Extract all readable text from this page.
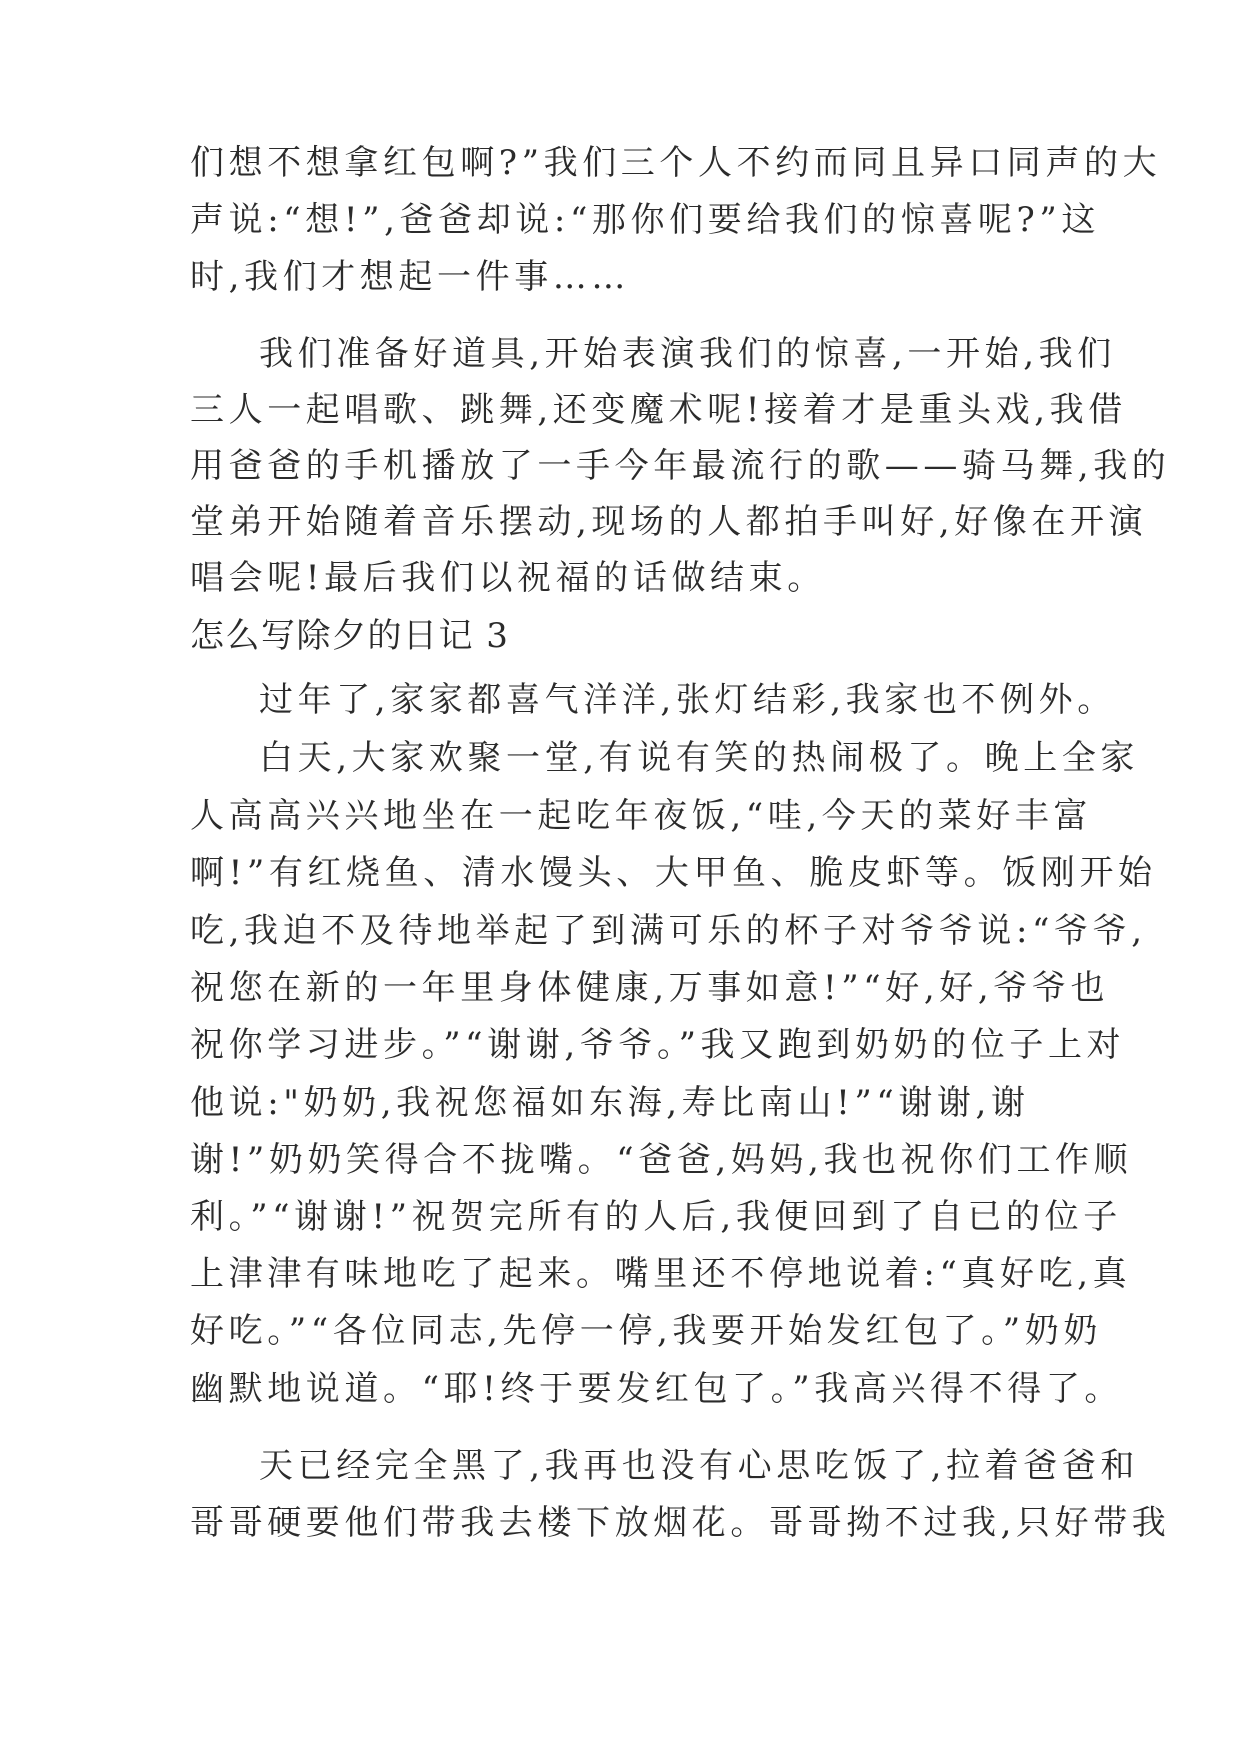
们想不想拿红包啊?”我们三个人不约而同且异口同声的大
声说:“想!”,爸爸却说:“那你们要给我们的惊喜呢?”这
时,我们才想起一件事……
我们准备好道具,开始表演我们的惊喜,一开始,我们
三人一起唱歌、跳舞,还变魔术呢!接着才是重头戏,我借
用爸爸的手机播放了一手今年最流行的歌——骑马舞,我的
堂弟开始随着音乐摆动,现场的人都拍手叫好,好像在开演
唱会呢!最后我们以祝福的话做结束。
怎么写除夕的日记 3
过年了,家家都喜气洋洋,张灯结彩,我家也不例外。
白天,大家欢聚一堂,有说有笑的热闹极了。晚上全家
人高高兴兴地坐在一起吃年夜饭,“哇,今天的菜好丰富
啊!”有红烧鱼、清水馒头、大甲鱼、脆皮虾等。饭刚开始
吃,我迫不及待地举起了到满可乐的杯子对爷爷说:“爷爷,
祝您在新的一年里身体健康,万事如意!”“好,好,爷爷也
祝你学习进步。”“谢谢,爷爷。”我又跑到奶奶的位子上对
他说:"奶奶,我祝您福如东海,寿比南山!”“谢谢,谢
谢!”奶奶笑得合不拢嘴。“爸爸,妈妈,我也祝你们工作顺
利。”“谢谢!”祝贺完所有的人后,我便回到了自已的位子
上津津有味地吃了起来。嘴里还不停地说着:“真好吃,真
好吃。”“各位同志,先停一停,我要开始发红包了。”奶奶
幽默地说道。“耶!终于要发红包了。”我高兴得不得了。
天已经完全黑了,我再也没有心思吃饭了,拉着爸爸和
哥哥硬要他们带我去楼下放烟花。哥哥拗不过我,只好带我
